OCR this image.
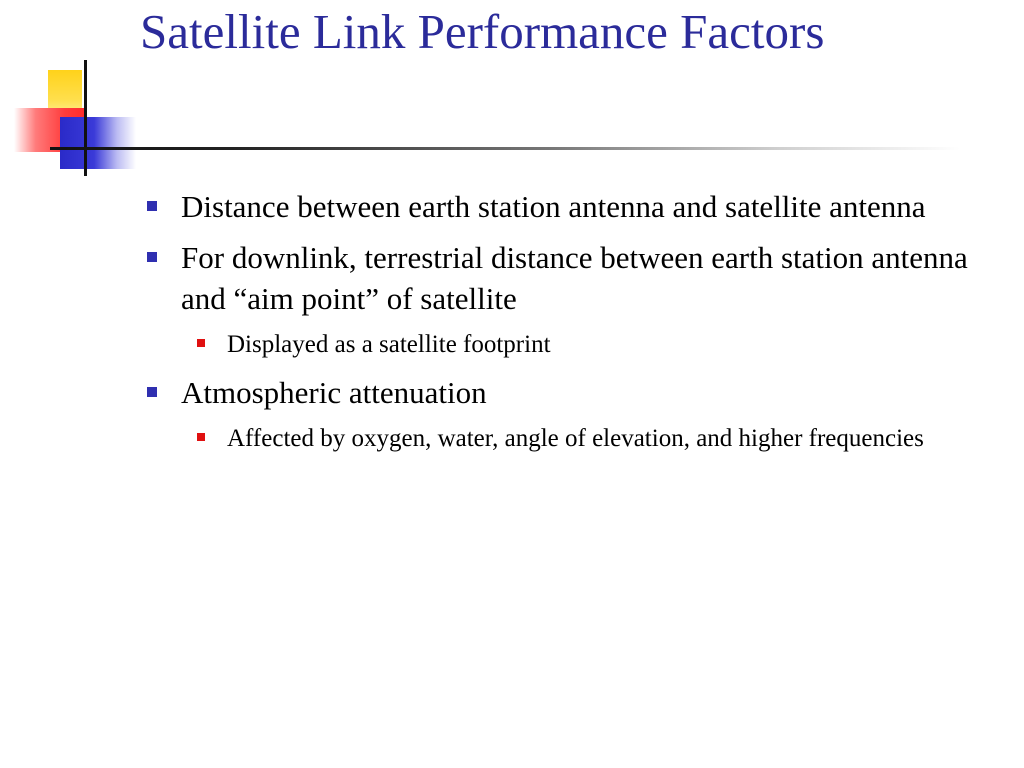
Satellite Link Performance Factors
Distance between earth station antenna and satellite antenna
For downlink, terrestrial distance between earth station antenna and “aim point” of satellite
Displayed as a satellite footprint
Atmospheric attenuation
Affected by oxygen, water, angle of elevation, and higher frequencies
